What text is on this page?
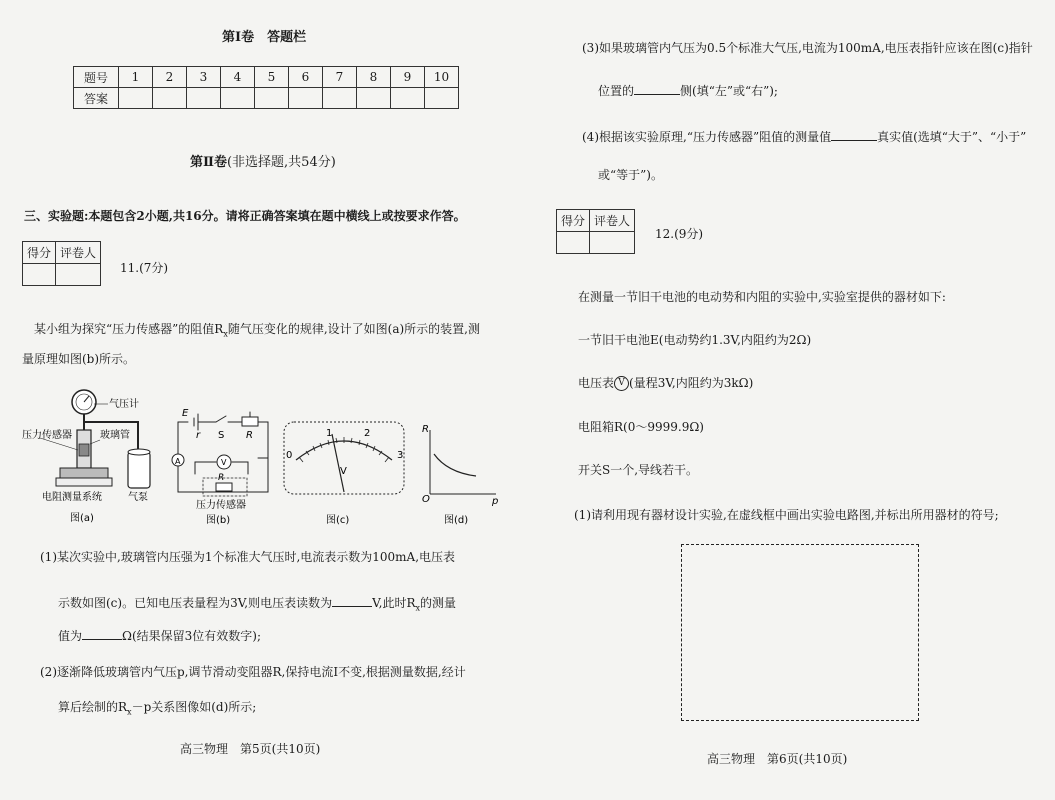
第Ⅰ卷　答题栏
题号	1	2	3	4	5	6	7	8	9	10
答案										
第Ⅱ卷(非选择题,共54分)
三、实验题:本题包含2小题,共16分。请将正确答案填在题中横线上或按要求作答。
得分	评卷人

11.(7分)
某小组为探究“压力传感器”的阻值$R_x$随气压变化的规律,设计了如图(a)所示的装置,测
量原理如图(b)所示。
气压计
压力传感器	玻璃管
电阻测量系统	气泵
图(a)
E
r S R
A	V
R
压力传感器
图(b)
0
1	2
3
V
图(c)
R
O	p
图(d)
(1)某次实验中,玻璃管内压强为1个标准大气压时,电流表示数为100mA,电压表
示数如图(c)。已知电压表量程为3V,则电压表读数为	V,此时$R_x$的测量
值为	Ω(结果保留3位有效数字);
(2)逐渐降低玻璃管内气压p,调节滑动变阻器R,保持电流I不变,根据测量数据,经计
算后绘制的$R_x-p$关系图像如(d)所示;
高三物理　第5页(共10页)
(3)如果玻璃管内气压为0.5个标准大气压,电流为100mA,电压表指针应该在图(c)指针
位置的	侧(填“左”或“右”);
(4)根据该实验原理,“压力传感器”阻值的测量值	真实值(选填“大于”、“小于”
或“等于”)。
得分	评卷人

12.(9分)
在测量一节旧干电池的电动势和内阻的实验中,实验室提供的器材如下:
一节旧干电池E(电动势约1.3V,内阻约为2Ω)
电压表 V (量程3V,内阻约为3kΩ)
电阻箱R(0～9999.9Ω)
开关S一个,导线若干。
(1)请利用现有器材设计实验,在虚线框中画出实验电路图,并标出所用器材的符号;
高三物理　第6页(共10页)
